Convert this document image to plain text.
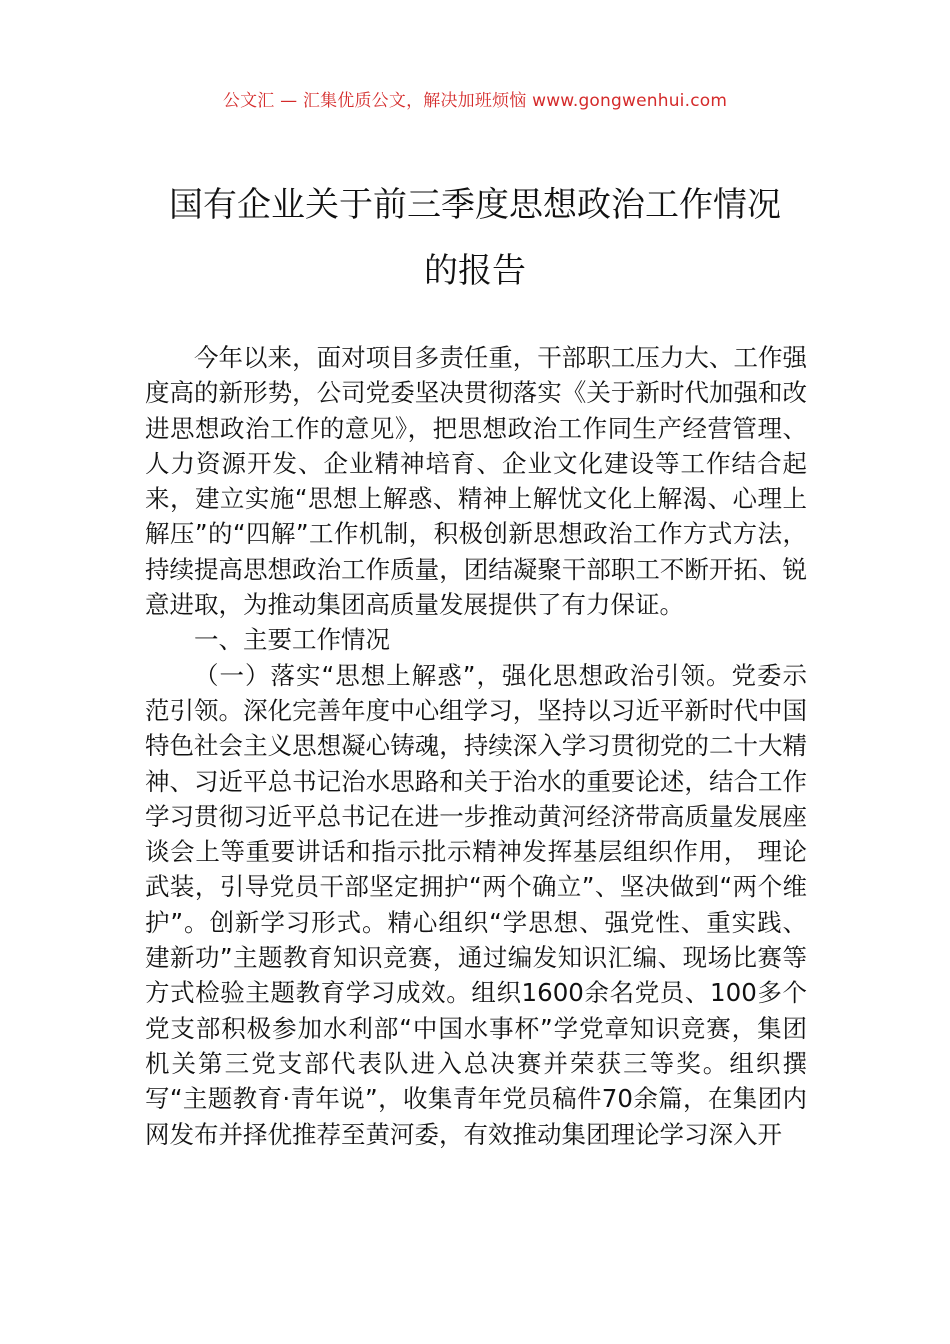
公文汇 — 汇集优质公文，解决加班烦恼 www.gongwenhui.com
国有企业关于前三季度思想政治工作情况
的报告

今年以来，面对项目多责任重，干部职工压力大、工作强度高的新形势，公司党委坚决贯彻落实《关于新时代加强和改进思想政治工作的意见》，把思想政治工作同生产经营管理、人力资源开发、企业精神培育、企业文化建设等工作结合起来，建立实施“思想上解惑、精神上解忧文化上解渴、心理上解压”的“四解”工作机制，积极创新思想政治工作方式方法，持续提高思想政治工作质量，团结凝聚干部职工不断开拓、锐意进取，为推动集团高质量发展提供了有力保证。

一、主要工作情况

（一）落实“思想上解惑”，强化思想政治引领。党委示范引领。深化完善年度中心组学习，坚持以习近平新时代中国特色社会主义思想凝心铸魂，持续深入学习贯彻党的二十大精神、习近平总书记治水思路和关于治水的重要论述，结合工作学习贯彻习近平总书记在进一步推动黄河经济带高质量发展座谈会上等重要讲话和指示批示精神发挥基层组织作用， 理论武装，引导党员干部坚定拥护“两个确立”、坚决做到“两个维护”。创新学习形式。精心组织“学思想、强党性、重实践、建新功”主题教育知识竞赛，通过编发知识汇编、现场比赛等方式检验主题教育学习成效。组织1600余名党员、100多个党支部积极参加水利部“中国水事杯”学党章知识竞赛，集团机关第三党支部代表队进入总决赛并荣获三等奖。组织撰写“主题教育·青年说”，收集青年党员稿件70余篇，在集团内网发布并择优推荐至黄河委，有效推动集团理论学习深入开
